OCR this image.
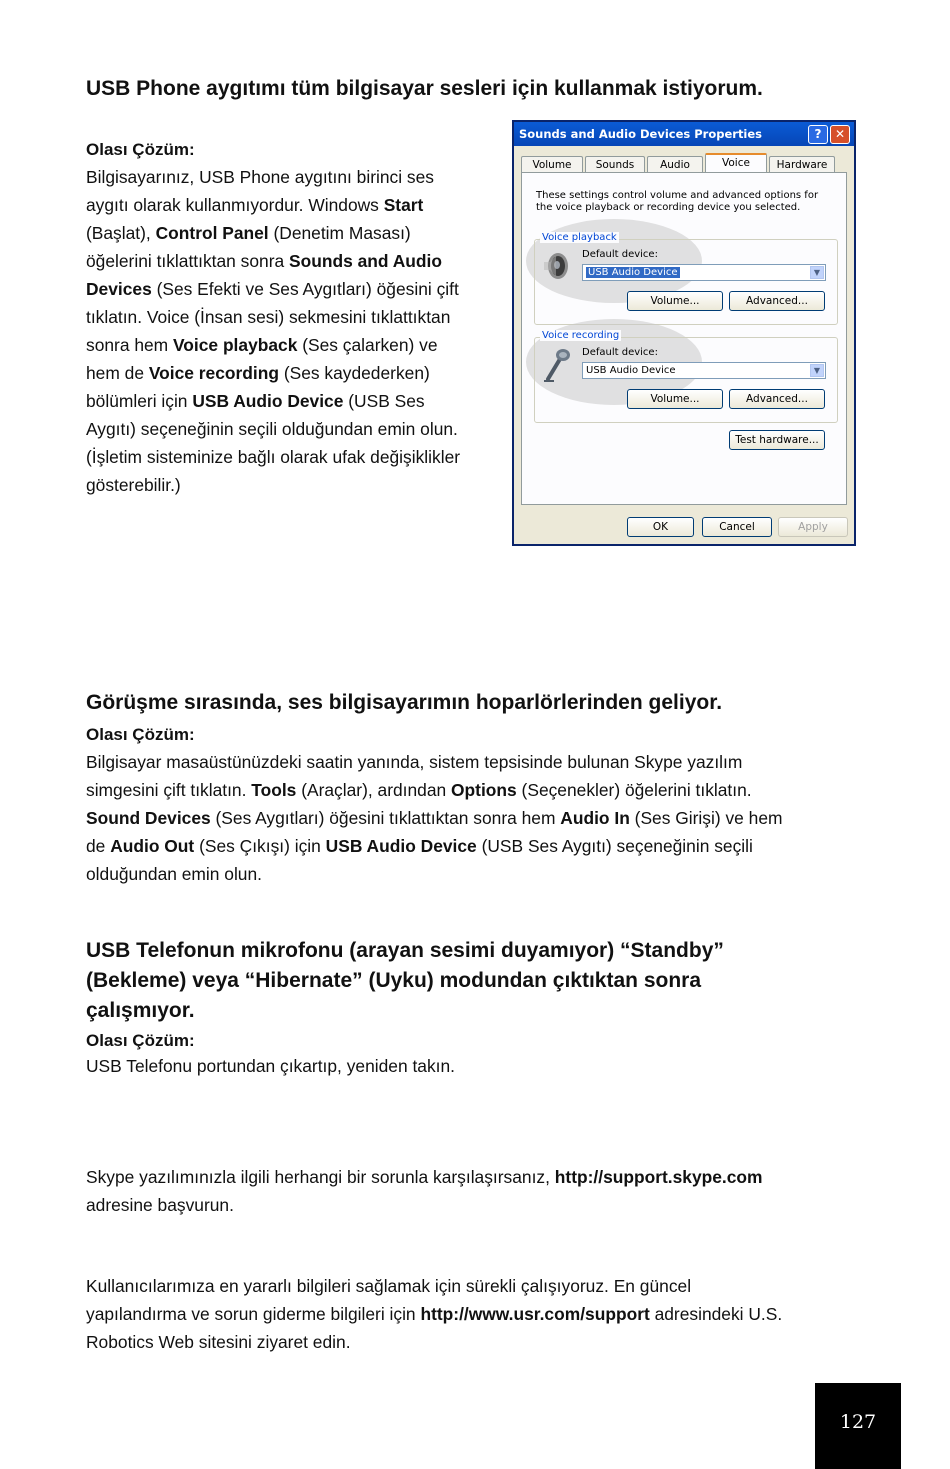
USB Phone aygıtımı tüm bilgisayar sesleri için kullanmak istiyorum.

Olası Çözüm:

Bilgisayarınız, USB Phone aygıtını birinci ses
aygıtı olarak kullanmıyordur. Windows Start
(Başlat), Control Panel (Denetim Masası)
öğelerini tıklattıktan sonra Sounds and Audio
Devices (Ses Efekti ve Ses Aygıtları) öğesini çift
tıklatın. Voice (İnsan sesi) sekmesini tıklattıktan
sonra hem Voice playback (Ses çalarken) ve
hem de Voice recording (Ses kaydederken)
bölümleri için USB Audio Device (USB Ses
Aygıtı) seçeneğinin seçili olduğundan emin olun.
(İşletim sisteminize bağlı olarak ufak değişiklikler
gösterebilir.)
Sounds and Audio Devices Properties	?	✕
Volume	Sounds	Audio	Voice	Hardware
These settings control volume and advanced options for the voice playback or recording device you selected.
Voice playback
Default device:
USB Audio Device	▼
Volume...	Advanced...
Voice recording
Default device:
USB Audio Device	▼
Volume...	Advanced...
Test hardware...
OK	Cancel	Apply
Görüşme sırasında, ses bilgisayarımın hoparlörlerinden geliyor.

Olası Çözüm:

Bilgisayar masaüstünüzdeki saatin yanında, sistem tepsisinde bulunan Skype yazılım
simgesini çift tıklatın. Tools (Araçlar), ardından Options (Seçenekler) öğelerini tıklatın.
Sound Devices (Ses Aygıtları) öğesini tıklattıktan sonra hem Audio In (Ses Girişi) ve hem
de Audio Out (Ses Çıkışı) için USB Audio Device (USB Ses Aygıtı) seçeneğinin seçili
olduğundan emin olun.
USB Telefonun mikrofonu (arayan sesimi duyamıyor) “Standby”
(Bekleme) veya “Hibernate” (Uyku) modundan çıktıktan sonra
çalışmıyor.

Olası Çözüm:

USB Telefonu portundan çıkartıp, yeniden takın.
Skype yazılımınızla ilgili herhangi bir sorunla karşılaşırsanız, http://support.skype.com
adresine başvurun.
Kullanıcılarımıza en yararlı bilgileri sağlamak için sürekli çalışıyoruz. En güncel
yapılandırma ve sorun giderme bilgileri için http://www.usr.com/support adresindeki U.S.
Robotics Web sitesini ziyaret edin.
127
